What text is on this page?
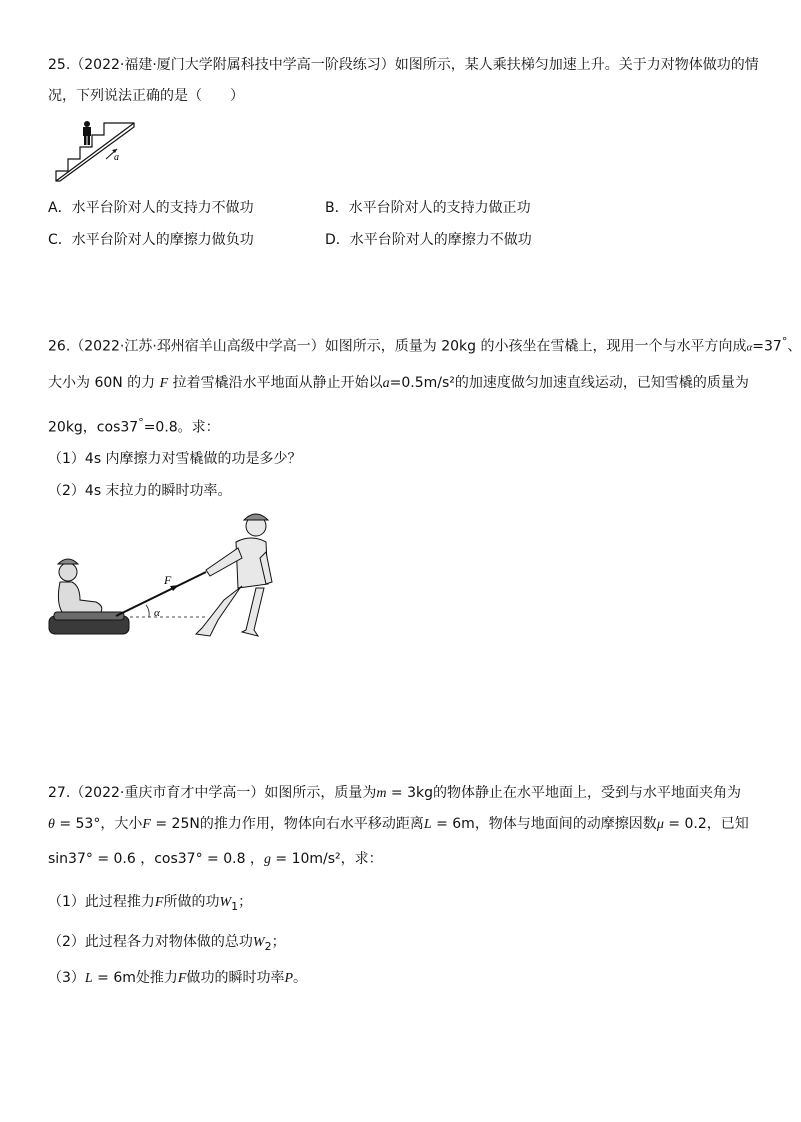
25.（2022·福建·厦门大学附属科技中学高一阶段练习）如图所示，某人乘扶梯匀加速上升。关于力对物体做功的情
况，下列说法正确的是（　　）
a
A．水平台阶对人的支持力不做功	B．水平台阶对人的支持力做正功
C．水平台阶对人的摩擦力做负功	D．水平台阶对人的摩擦力不做功
26.（2022·江苏·邳州宿羊山高级中学高一）如图所示，质量为 20kg 的小孩坐在雪橇上，现用一个与水平方向成α=37°、
大小为 60N 的力 F 拉着雪橇沿水平地面从静止开始以a=0.5m/s²的加速度做匀加速直线运动，已知雪橇的质量为
20kg，cos37°=0.8。求：
（1）4s 内摩擦力对雪橇做的功是多少？
（2）4s 末拉力的瞬时功率。
F
α
27.（2022·重庆市育才中学高一）如图所示，质量为m = 3kg的物体静止在水平地面上，受到与水平地面夹角为
θ = 53°，大小F = 25N的推力作用，物体向右水平移动距离L = 6m，物体与地面间的动摩擦因数μ = 0.2，已知
sin37° = 0.6 ，cos37° = 0.8 ，g = 10m/s²，求：
（1）此过程推力F所做的功$W_1$；
（2）此过程各力对物体做的总功$W_2$；
（3）L = 6m处推力F做功的瞬时功率P。
